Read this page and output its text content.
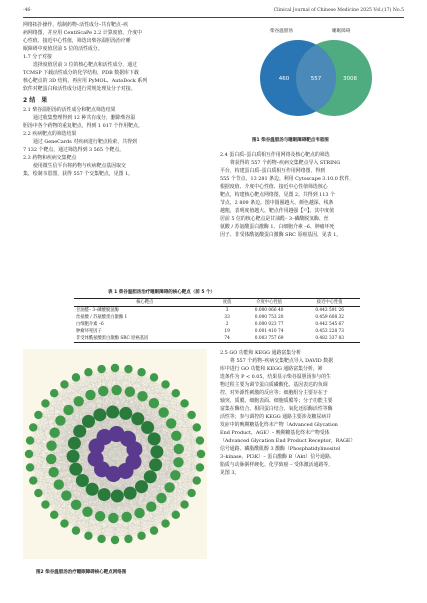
·46·	Clinical Journal of Chinese Medicine 2025 Vol.(17) No.5
网络拓扑操作，绘制药物–活性成分–共有靶点–疾
病网络图，并应用 CentiScaPe 2.2 计算度值、介度中
心性值、接近中心性值，筛选出柴谷温胆汤治疗睡
眠障碍中度值居前 5 位的活性成分。
1.7 分子对接
选择度值居前 3 位的核心靶点和活性成分，通过
TCMSP 下载活性成分的化学结构，PDB 数据库下载
核心靶点的 3D 结构，再应用 PyMOL、AutoDock 系列
软件对靶蛋白和活性成分进行常规处理及分子对接。
2 结　果
2.1 柴谷温胆汤的活性成分和靶点筛选结果
通过收集整理得到 12 种共有成分，删除柴谷温
胆汤中各个药物的重复靶点，得到 1 017 个作用靶点。
2.2 疾病靶点的筛选结果
通过 GeneCards 对疾病进行靶点检索，共得到
7 132 个靶点，通过筛选得到 3 565 个靶点。
2.3 药物和疾病交集靶点
使用微生信平台将药物与疾病靶点基因取交
集，绘制韦恩图，获得 557 个交集靶点，见图 1。
柴谷温胆汤	睡眠障碍
460	557	3008
图1 柴谷温胆汤与睡眠障碍靶点韦恩图
2.4 蛋白质–蛋白质相互作用网络及核心靶点的筛选
将获得的 557 个药物–疾病交集靶点导入 STRING
平台，构建蛋白质–蛋白质相互作用网络图，得到
555 个节点、13 281 条边。利用 Cytoscape 3.10.0 软件，
根据度值、介度中心性值、接近中心性值筛选核心
靶点，构建核心靶点网络图，见图 2。共得到 113 个
节点、2 809 条边。图中圆圈越大、颜色越深、线条
越粗，表明度值越大、靶点作用越强【¹²】。其中度值
居前 5 位的核心靶点是甘油醛– 3–磷酸脱氢酶、丝
氨酸 / 苏氨酸蛋白激酶 1、白细胞介素 –6、肿瘤坏死
因子、非受体酰氨酸蛋白激酶 SRC 原癌基因，见表 1。
表 1 柴谷温胆汤治疗睡眠障碍的核心靶点（前 5 个）
核心靶点	度值	介度中心性值	接近中心性值
甘油醛– 3–磷酸脱氢酶	3	0.000 066 40	0.443 591 26
丝氨酸 / 苏氨酸蛋白激酶 1	33	0.000 753 20	0.459 608 32
白细胞介素 –6	2	0.000 023 77	0.442 545 67
肿瘤坏死因子	19	0.001 410 74	0.453 228 73
非受体酰氨酸蛋白激酶 SRC 原癌基因	74	0.003 757 69	0.482 337 83
图2 柴谷温胆汤治疗睡眠障碍核心靶点网络图
2.5 GO 功能和 KEGG 通路富集分析
将 557 个药物–疾病交集靶点导入 DAVID 数据
库中进行 GO 功能和 KEGG 通路富集分析，筛
选条件为 P < 0.05，结果显示柴谷温胆汤参与的生
物过程主要为调节蛋白质磷酸化、基因表达的负调
控、对外源性刺激的反应等；细胞组分主要存在于
轴突、质膜、细胞表面、细胞质膜等；分子功能主要
富集在酶结合、相同蛋白结合、氧化还原酶活性等酶
活性等；参与调控的 KEGG 通路主要涉及糖尿病并
发症中的晚期糖基化终末产物（Advanced Glycation
End Product，AGE）– 晚期糖基化终末产物受体
（Advanced Glycation End Product Receptor，RAGE）
信号通路、磷脂酰肌醇 3 激酶（Phosphatidylinositol
3–kinase，PI3K）– 蛋白激酶 B（Akt）信号通路、
脂质与动脉粥样硬化、化学致癌 – 受体激活通路等，
见图 3。
